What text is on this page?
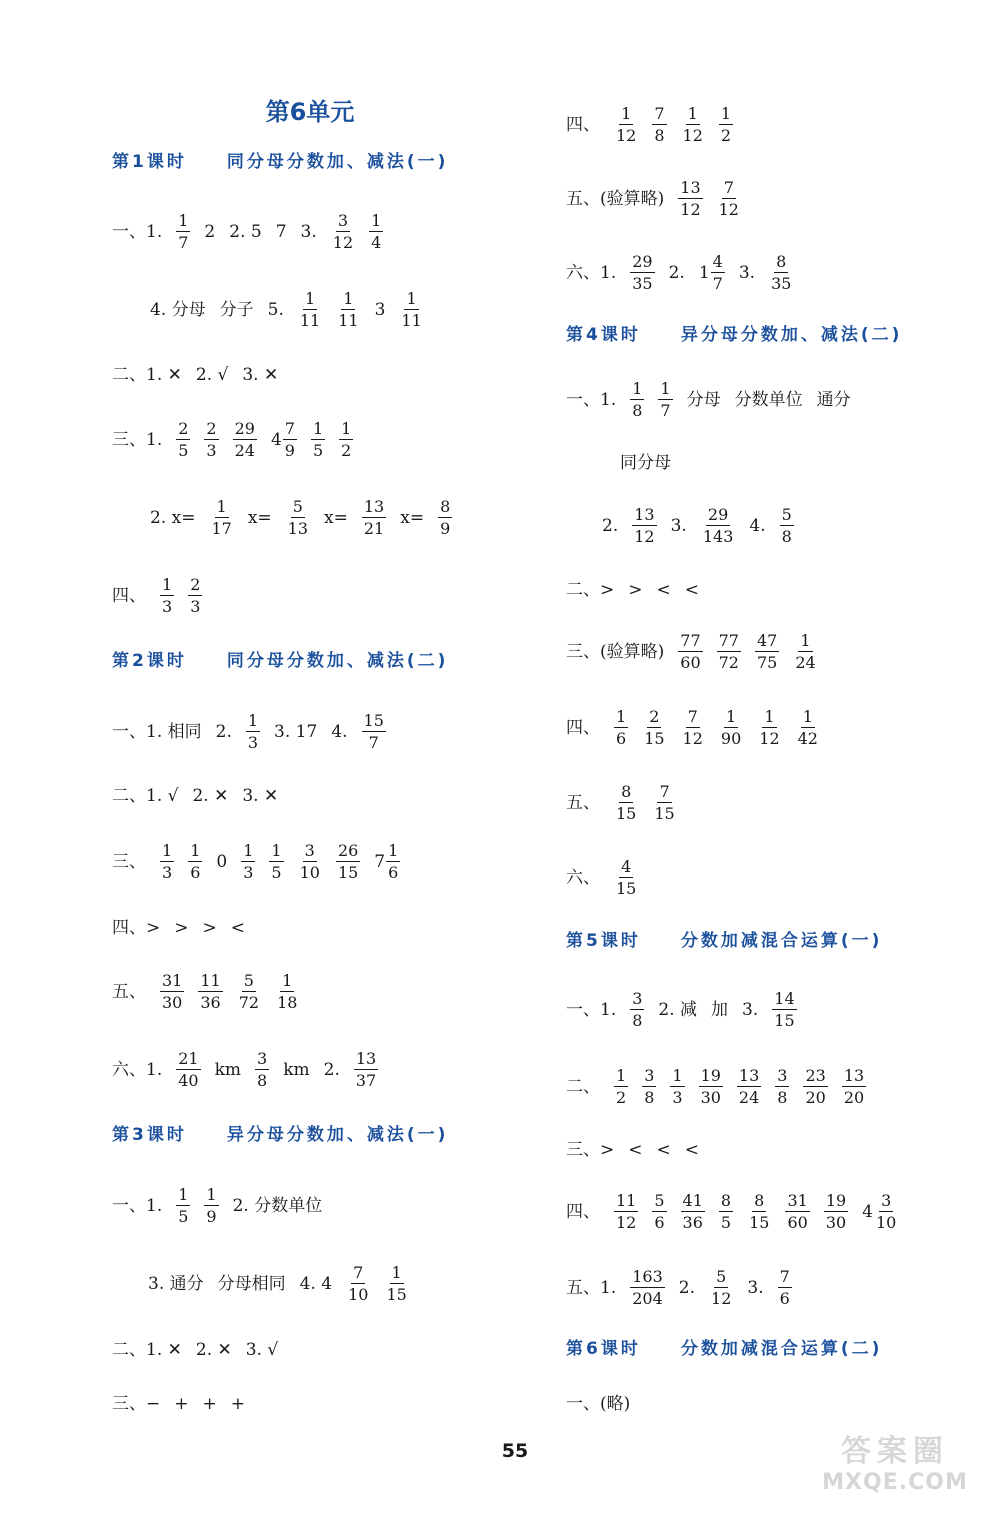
第6单元
第1课时　　同分母分数加、减法(一)
一、1. $\frac{1}{7} 2$ 2. 5 7 3. $\frac{3}{12} \frac{1}{4}$
4. 分母 分子 5. $\frac{1}{11} \frac{1}{11} 3 \frac{1}{11}$
二、1. ✕ 2. √ 3. ✕
三、1. $\frac{2}{5} \frac{2}{3} \frac{29}{24} 4 \frac{7}{9} \frac{1}{5} \frac{1}{2}$
2. $x= \frac{1}{17} x= \frac{5}{13} x= \frac{13}{21} x= \frac{8}{9}$
四、 $\frac{1}{3} \frac{2}{3}$
第2课时　　同分母分数加、减法(二)
一、1. 相同 2. $\frac{1}{3} 3$. 17 4. $\frac{15}{7}$
二、1. √ 2. ✕ 3. ✕
三、 $\frac{1}{3} \frac{1}{6} 0 \frac{1}{3} \frac{1}{5} \frac{3}{10} \frac{26}{15} 7 \frac{1}{6}$
四、> > > <
五、 $\frac{31}{30} \frac{11}{36} \frac{5}{72} \frac{1}{18}$
六、1. $\frac{21}{40}$ km $\frac{3}{8}$ km 2. $\frac{13}{37}$
第3课时　　异分母分数加、减法(一)
一、1. $\frac{1}{5} \frac{1}{9} 2$. 分数单位
3. 通分 分母相同 4. $4 \frac{7}{10} \frac{1}{15}$
二、1. ✕ 2. ✕ 3. √
三、− + + +
四、 $\frac{1}{12} \frac{7}{8} \frac{1}{12} \frac{1}{2}$
五、(验算略) $\frac{13}{12} \frac{7}{12}$
六、1. $\frac{29}{35} 2$. $1 \frac{4}{7} 3$. $\frac{8}{35}$
第4课时　　异分母分数加、减法(二)
一、1. $\frac{1}{8} \frac{1}{7}$ 分母 分数单位 通分
同分母
2. $\frac{13}{12} 3$. $\frac{29}{143} 4$. $\frac{5}{8}$
二、> > < <
三、(验算略) $\frac{77}{60} \frac{77}{72} \frac{47}{75} \frac{1}{24}$
四、 $\frac{1}{6} \frac{2}{15} \frac{7}{12} \frac{1}{90} \frac{1}{12} \frac{1}{42}$
五、 $\frac{8}{15} \frac{7}{15}$
六、 $\frac{4}{15}$
第5课时　　分数加减混合运算(一)
一、1. $\frac{3}{8} 2$. 减 加 3. $\frac{14}{15}$
二、 $\frac{1}{2} \frac{3}{8} \frac{1}{3} \frac{19}{30} \frac{13}{24} \frac{3}{8} \frac{23}{20} \frac{13}{20}$
三、> < < <
四、 $\frac{11}{12} \frac{5}{6} \frac{41}{36} \frac{8}{5} \frac{8}{15} \frac{31}{60} \frac{19}{30} 4 \frac{3}{10}$
五、1. $\frac{163}{204} 2$. $\frac{5}{12} 3$. $\frac{7}{6}$
第6课时　　分数加减混合运算(二)
一、(略)
55	答案圈
MXQE.COM
